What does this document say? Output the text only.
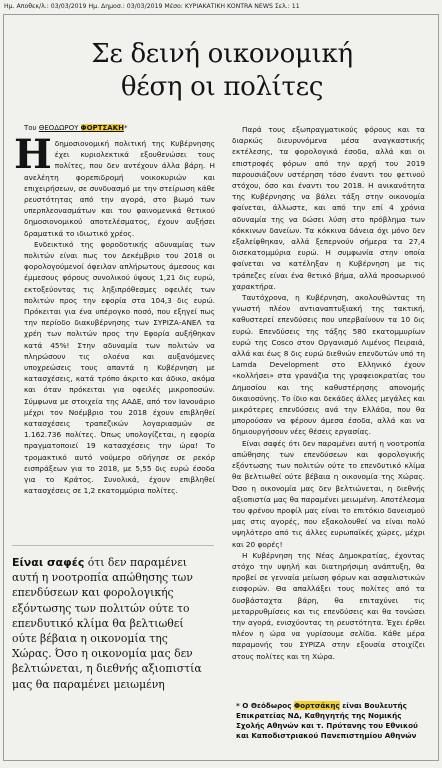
Ημ. Αποθεκ/λ.: 03/03/2019 Ημ. Δημοσ.: 03/03/2019 Μέσο: ΚΥΡΙΑΚΑΤΙΚΗ KONTRA NEWS Σελ.: 11
Σε δεινή οικονομική
θέση οι πολίτες
Του ΘΕΟΔΩΡΟΥ ΦΟΡΤΣΑΚΗ*

Η δημοσιονομική πολιτική της Κυβέρνησης έχει κυριολεκτικά εξουθενώσει τους πολίτες, που δεν αντέχουν άλλα βάρη. Η ανελέητη φορεπιδρομή νοικοκυριών και επιχειρήσεων, σε συνδυασμό με την στείρωση κάθε ρευστότητας από την αγορά, στο βωμό των υπερπλεονασμάτων και του φαινομενικά θετικού δημοσιονομικού αποτελέσματος, έχουν αυξήσει δραματικά το ιδιωτικό χρέος.

Ενδεικτικό της φοροδοτικής αδυναμίας των πολιτών είναι πως τον Δεκέμβριο του 2018 οι φορολογούμενοί όφειλαν απλήρωτους άμεσους και έμμεσους φόρους συνολικού ύψους 1,21 δις ευρώ, εκτοξεύοντας τις ληξιπρόθεσμες οφειλές των πολιτών προς την εφορία στα 104,3 δις ευρώ. Πρόκειται για ένα υπέρογκο ποσό, που εξηγεί πως την περίοδο διακυβέρνησης των ΣΥΡΙΖΑ-ΑΝΕΛ τα χρέη των πολιτών προς την Εφορία αυξήθηκαν κατά 45%! Στην αδυναμία των πολιτών να πληρώσουν τις ολοένα και αυξανόμενες υποχρεώσεις τους απαντά η Κυβέρνηση με κατασχέσεις, κατά τρόπο άκριτο και άδικο, ακόμα και όταν πρόκειται για οφειλές μικροποσών. Σύμφωνα με στοιχεία της ΑΑΔΕ, από τον Ιανουάριο μέχρι τον Νοέμβριο του 2018 έχουν επιβληθεί κατασχέσεις τραπεζικών λογαριασμών σε 1.162.736 πολίτες. Όπως υπολογίζεται, η εφορία πραγματοποιεί 19 κατασχέσεις την ώρα! Το τρομακτικό αυτό νούμερο οδήγησε σε ρεκόρ εισπράξεων για το 2018, με 5,55 δις ευρώ έσοδα για το Κράτος. Συνολικά, έχουν επιβληθεί κατασχέσεις σε 1,2 εκατομμύρια πολίτες.

Είναι σαφές ότι δεν παραμένει αυτή η νοοτροπία απώθησης των επενδύσεων και φορολογικής εξόντωσης των πολιτών ούτε το επενδυτικό κλίμα θα βελτιωθεί ούτε βέβαια η οικονομία της Χώρας. Όσο η οικονομία μας δεν βελτιώνεται, η διεθνής αξιοπιστία μας θα παραμένει μειωμένη

Παρά τους εξωπραγματικούς φόρους και τα διαρκώς διευρυνόμενα μέσα αναγκαστικής εκτέλεσης, τα φορολογικά έσοδα, αλλά και οι επιστροφές φόρων από την αρχή του 2019 παρουσιάζουν υστέρηση τόσο έναντι του φετινού στόχου, όσο και έναντι του 2018. Η ανικανότητα της Κυβέρνησης να βάλει τάξη στην οικονομία φαίνεται, άλλωστε, και από την επί 4 χρόνια αδυναμία της να δώσει λύση στο πρόβλημα των κόκκινων δανείων. Τα κόκκινα δάνεια όχι μόνο δεν εξαλείφθηκαν, αλλά ξεπερνούν σήμερα τα 27,4 δισεκατομμύρια ευρώ. Η συμφωνία στην οποία φαίνεται να κατέληξαν η Κυβέρνηση με τις τράπεζες είναι ένα θετικό βήμα, αλλά προσωρινού χαρακτήρα.

Ταυτόχρονα, η Κυβέρνηση, ακολουθώντας τη γνωστή πλέον αντιαναπτυξιακή της τακτική, καθυστερεί επενδύσεις που υπερβαίνουν τα 10 δις ευρώ. Επενδύσεις της τάξης 580 εκατομμυρίων ευρώ της Cosco στον Οργανισμό Λιμένος Πειραιά, αλλά και έως 8 δις ευρώ διεθνών επενδυτών υπό τη Lamda Development στο Ελληνικό έχουν «κολλήσει» στα γρανάζια της γραφειοκρατίας του Δημοσίου και της καθυστέρησης απονομής δικαιοσύνης. Το ίδιο και δεκάδες άλλες μεγάλες και μικρότερες επενδύσεις ανά την Ελλάδα, που θα μπορούσαν να φέρουν άμεσα έσοδα, αλλά και να δημιουργήσουν νέες θέσεις εργασίας.

Είναι σαφές ότι δεν παραμένει αυτή η νοοτροπία απώθησης των επενδύσεων και φορολογικής εξόντωσης των πολιτών ούτε το επενδυτικό κλίμα θα βελτιωθεί ούτε βέβαια η οικονομία της Χώρας. Όσο η οικονομία μας δεν βελτιώνεται, η διεθνής αξιοπιστία μας θα παραμένει μειωμένη. Αποτέλεσμα του φρένου προφίλ μας είναι το επιτόκιο δανεισμού μας στις αγορές, που εξακολουθεί να είναι πολύ υψηλότερο από τις άλλες ευρωπαϊκές χώρες, μέχρι και 20 φορές!

Η Κυβέρνηση της Νέας Δημοκρατίας, έχοντας στόχο την υψηλή και διατηρήσιμη ανάπτυξη, θα προβεί σε γενναία μείωση φόρων και ασφαλιστικών εισφορών. Θα απαλλάξει τους πολίτες από τα δυσβάσταχτα βάρη, θα επιταχύνει τις μεταρρυθμίσεις και τις επενδύσεις και θα τονώσει την αγορά, ενισχύοντας τη ρευστότητα. Έχει έρθει πλέον η ώρα να γυρίσουμε σελίδα. Κάθε μέρα παραμονής του ΣΥΡΙΖΑ στην εξουσία στοιχίζει στους πολίτες και τη Χώρα.

* Ο Θεόδωρος Φορτσάκης είναι Βουλευτής Επικρατείας ΝΔ, Καθηγητής της Νομικής Σχολής Αθηνών και τ. Πρύτανης του Εθνικού και Καποδιστριακού Πανεπιστημίου Αθηνών
